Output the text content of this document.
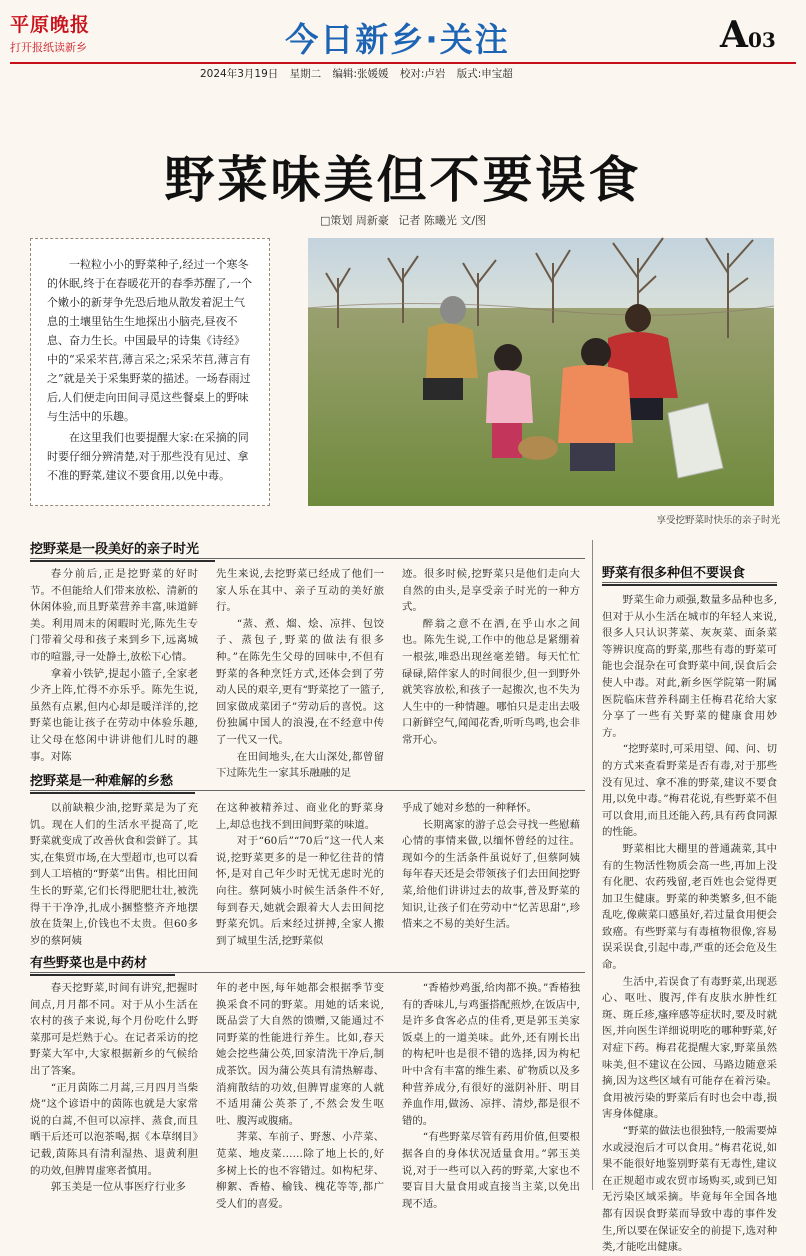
平原晚报
打开报纸读新乡	今日新乡·关注	A03
2024年3月19日 星期二 编辑:张媛媛 校对:卢岩 版式:申宝超
野菜味美但不要误食
□策划 周新豪 记者 陈曦光 文/图

一粒粒小小的野菜种子,经过一个寒冬的休眠,终于在春暖花开的春季苏醒了,一个个嫩小的新芽争先恐后地从散发着泥土气息的土壤里钻生生地探出小脑壳,昼夜不息、奋力生长。中国最早的诗集《诗经》中的“采采芣苢,薄言采之;采采芣苢,薄言有之”就是关于采集野菜的描述。一场春雨过后,人们便走向田间寻觅这些餐桌上的野味与生活中的乐趣。

在这里我们也要提醒大家:在采摘的同时要仔细分辨清楚,对于那些没有见过、拿不准的野菜,建议不要食用,以免中毒。

享受挖野菜时快乐的亲子时光
挖野菜是一段美好的亲子时光

春分前后,正是挖野菜的好时节。不但能给人们带来放松、清新的休闲体验,而且野菜营养丰富,味道鲜美。利用周末的闲暇时光,陈先生专门带着父母和孩子来到乡下,远离城市的喧嚣,寻一处静土,放松下心情。

拿着小铁铲,提起小篮子,全家老少齐上阵,忙得不亦乐乎。陈先生说,虽然有点累,但内心却是暖洋洋的,挖野菜也能让孩子在劳动中体验乐趣,让父母在悠闲中讲讲他们儿时的趣事。对陈

先生来说,去挖野菜已经成了他们一家人乐在其中、亲子互动的美好旅行。

“蒸、煮、熘、烩、凉拌、包饺子、蒸包子,野菜的做法有很多种。”在陈先生父母的回味中,不但有野菜的各种烹饪方式,还体会到了劳动人民的艰辛,更有“野菜挖了一篮子,回家做成菜团子”劳动后的喜悦。这份独属中国人的浪漫,在不经意中传了一代又一代。

在田间地头,在大山深处,都曾留下过陈先生一家其乐融融的足

迹。很多时候,挖野菜只是他们走向大自然的由头,是享受亲子时光的一种方式。

醉翁之意不在酒,在乎山水之间也。陈先生说,工作中的他总是紧绷着一根弦,唯恐出现丝毫差错。每天忙忙碌碌,陪伴家人的时间很少,但一到野外就笑容放松,和孩子一起搬次,也不失为人生中的一种情趣。哪怕只是走出去吸口新鲜空气,闻闻花香,听听鸟鸣,也会非常开心。

挖野菜是一种难解的乡愁

以前缺粮少油,挖野菜是为了充饥。现在人们的生活水平提高了,吃野菜就变成了改善伙食和尝鲜了。其实,在集贸市场,在大型超市,也可以看到人工培植的“野菜”出售。相比田间生长的野菜,它们长得肥肥壮壮,被洗得干干净净,扎成小捆整整齐齐地摆放在货架上,价钱也不太贵。但60多岁的蔡阿姨

在这种被精养过、商业化的野菜身上,却总也找不到田间野菜的味道。

对于“60后”“70后”这一代人来说,挖野菜更多的是一种忆往昔的情怀,是对自己年少时无忧无虑时光的向往。蔡阿姨小时候生活条件不好,每到春天,她就会跟着大人去田间挖野菜充饥。后来经过拼搏,全家人搬到了城里生活,挖野菜似

乎成了她对乡愁的一种释怀。

长期离家的游子总会寻找一些慰藉心情的事情来做,以缅怀曾经的过往。现如今的生活条件虽说好了,但蔡阿姨每年春天还是会带领孩子们去田间挖野菜,给他们讲讲过去的故事,普及野菜的知识,让孩子们在劳动中“忆苦思甜”,珍惜来之不易的美好生活。

有些野菜也是中药材

春天挖野菜,时间有讲究,把握时间点,月月都不同。对于从小生活在农村的孩子来说,每个月份吃什么野菜那可是烂熟于心。在记者采访的挖野菜大军中,大家根据新乡的气候给出了答案。

“正月茵陈二月蒿,三月四月当柴烧”这个谚语中的茵陈也就是大家常说的白蒿,不但可以凉拌、蒸食,而且晒干后还可以泡茶喝,据《本草纲目》记载,茵陈具有清利湿热、退黄利胆的功效,但脾胃虚寒者慎用。

郭玉美是一位从事医疗行业多

年的老中医,每年她都会根据季节变换采食不同的野菜。用她的话来说,既品尝了大自然的馈赠,又能通过不同野菜的性能进行养生。比如,春天她会挖些蒲公英,回家清洗干净后,制成茶饮。因为蒲公英具有清热解毒、消痈散结的功效,但脾胃虚寒的人就不适用蒲公英茶了,不然会发生呕吐、腹泻或腹痛。

荠菜、车前子、野葱、小芹菜、苋菜、地皮菜……除了地上长的,好多树上长的也不容错过。如构杞芽、柳絮、香椿、榆钱、槐花等等,都广受人们的喜爱。

“香椿炒鸡蛋,给肉都不换。”香椿独有的香味儿,与鸡蛋搭配煎炒,在饭店中,是许多食客必点的佳肴,更是郭玉美家饭桌上的一道美味。此外,还有刚长出的构杞叶也是很不错的选择,因为构杞叶中含有丰富的维生素、矿物质以及多种营养成分,有很好的滋阴补肝、明目养血作用,做汤、凉拌、清炒,都是很不错的。

“有些野菜尽管有药用价值,但要根据各自的身体状况适量食用。”郭玉美说,对于一些可以入药的野菜,大家也不要盲目大量食用或直接当主菜,以免出现不适。

野菜有很多种但不要误食

野菜生命力顽强,数量多品种也多,但对于从小生活在城市的年轻人来说,很多人只认识荠菜、灰灰菜、面条菜等辨识度高的野菜,那些有毒的野菜可能也会混杂在可食野菜中间,误食后会使人中毒。对此,新乡医学院第一附属医院临床营养科副主任梅君花给大家分享了一些有关野菜的健康食用妙方。

“挖野菜时,可采用望、闻、问、切的方式来查看野菜是否有毒,对于那些没有见过、拿不准的野菜,建议不要食用,以免中毒。”梅君花说,有些野菜不但可以食用,而且还能入药,具有药食同源的性能。

野菜相比大棚里的普通蔬菜,其中有的生物活性物质会高一些,再加上没有化肥、农药残留,老百姓也会觉得更加卫生健康。野菜的种类繁多,但不能乱吃,像蕨菜口感虽好,若过量食用便会致癌。有些野菜与有毒植物很像,容易误采误食,引起中毒,严重的还会危及生命。

生活中,若误食了有毒野菜,出现恶心、呕吐、腹泻,伴有皮肤水肿性红斑、斑丘疹,瘙痒感等症状时,要及时就医,并向医生详细说明吃的哪种野菜,好对症下药。梅君花提醒大家,野菜虽然味美,但不建议在公园、马路边随意采摘,因为这些区域有可能存在着污染。食用被污染的野菜后有时也会中毒,损害身体健康。

“野菜的做法也很独特,一般需要焯水或浸泡后才可以食用。”梅君花说,如果不能很好地鉴别野菜有无毒性,建议在正规超市或农贸市场购买,或到已知无污染区域采摘。毕竟每年全国各地都有因误食野菜而导致中毒的事件发生,所以要在保证安全的前提下,选对种类,才能吃出健康。
